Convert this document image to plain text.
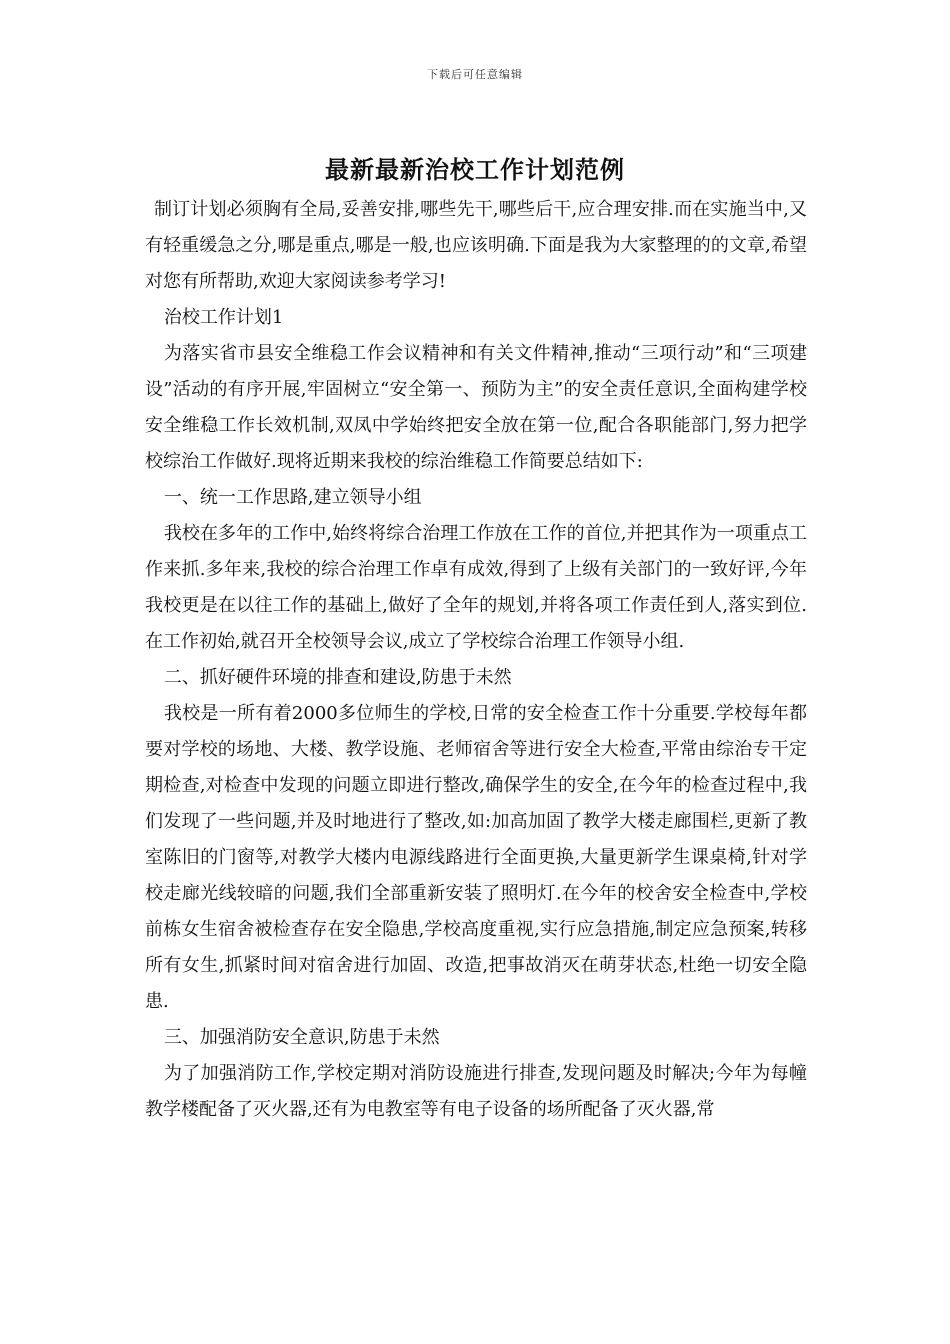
下载后可任意编辑
最新最新治校工作计划范例

制订计划必须胸有全局,妥善安排,哪些先干,哪些后干,应合理安排.而在实施当中,又有轻重缓急之分,哪是重点,哪是一般,也应该明确.下面是我为大家整理的的文章,希望对您有所帮助,欢迎大家阅读参考学习!

治校工作计划1

为落实省市县安全维稳工作会议精神和有关文件精神,推动“三项行动”和“三项建设”活动的有序开展,牢固树立“安全第一、预防为主”的安全责任意识,全面构建学校安全维稳工作长效机制,双凤中学始终把安全放在第一位,配合各职能部门,努力把学校综治工作做好.现将近期来我校的综治维稳工作简要总结如下:

一、统一工作思路,建立领导小组

我校在多年的工作中,始终将综合治理工作放在工作的首位,并把其作为一项重点工作来抓.多年来,我校的综合治理工作卓有成效,得到了上级有关部门的一致好评,今年我校更是在以往工作的基础上,做好了全年的规划,并将各项工作责任到人,落实到位.在工作初始,就召开全校领导会议,成立了学校综合治理工作领导小组.

二、抓好硬件环境的排查和建设,防患于未然

我校是一所有着2000多位师生的学校,日常的安全检查工作十分重要.学校每年都要对学校的场地、大楼、教学设施、老师宿舍等进行安全大检查,平常由综治专干定期检查,对检查中发现的问题立即进行整改,确保学生的安全,在今年的检查过程中,我们发现了一些问题,并及时地进行了整改,如:加高加固了教学大楼走廊围栏,更新了教室陈旧的门窗等,对教学大楼内电源线路进行全面更换,大量更新学生课桌椅,针对学校走廊光线较暗的问题,我们全部重新安装了照明灯.在今年的校舍安全检查中,学校前栋女生宿舍被检查存在安全隐患,学校高度重视,实行应急措施,制定应急预案,转移所有女生,抓紧时间对宿舍进行加固、改造,把事故消灭在萌芽状态,杜绝一切安全隐患.

三、加强消防安全意识,防患于未然

为了加强消防工作,学校定期对消防设施进行排查,发现问题及时解决;今年为每幢教学楼配备了灭火器,还有为电教室等有电子设备的场所配备了灭火器,常
